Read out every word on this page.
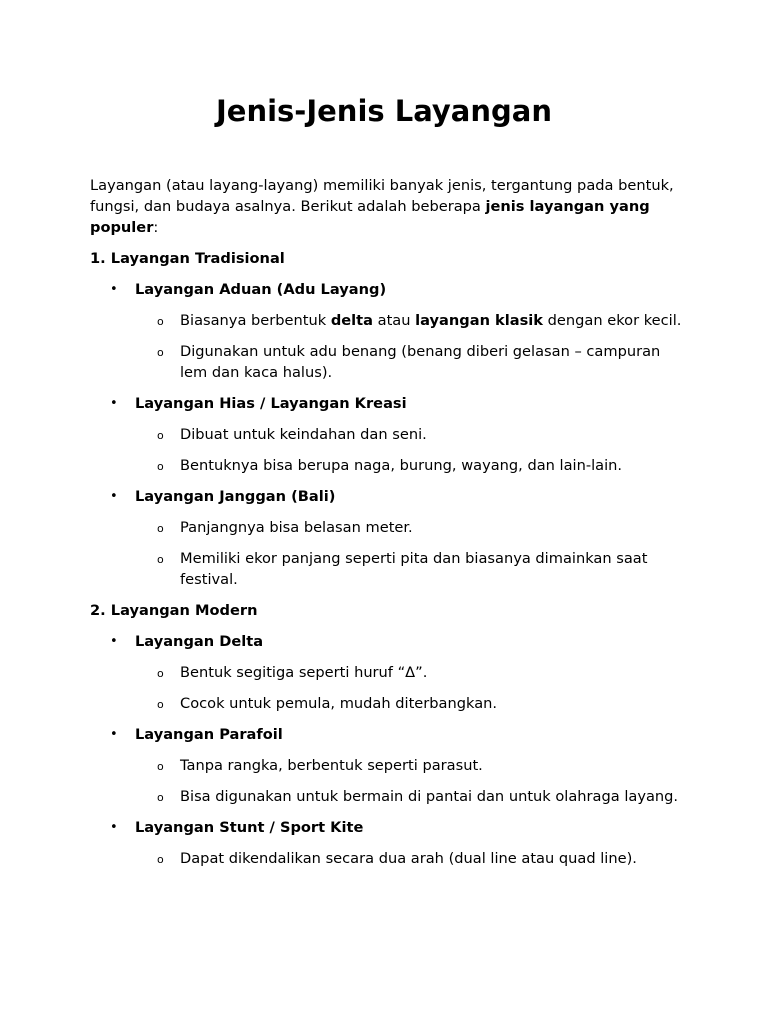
Jenis-Jenis Layangan

Layangan (atau layang-layang) memiliki banyak jenis, tergantung pada bentuk, fungsi, dan budaya asalnya. Berikut adalah beberapa jenis layangan yang populer:

1. Layangan Tradisional

• Layangan Aduan (Adu Layang)
o Biasanya berbentuk delta atau layangan klasik dengan ekor kecil.
o Digunakan untuk adu benang (benang diberi gelasan – campuran lem dan kaca halus).
• Layangan Hias / Layangan Kreasi
o Dibuat untuk keindahan dan seni.
o Bentuknya bisa berupa naga, burung, wayang, dan lain-lain.
• Layangan Janggan (Bali)
o Panjangnya bisa belasan meter.
o Memiliki ekor panjang seperti pita dan biasanya dimainkan saat festival.

2. Layangan Modern

• Layangan Delta
o Bentuk segitiga seperti huruf “Δ”.
o Cocok untuk pemula, mudah diterbangkan.
• Layangan Parafoil
o Tanpa rangka, berbentuk seperti parasut.
o Bisa digunakan untuk bermain di pantai dan untuk olahraga layang.
• Layangan Stunt / Sport Kite
o Dapat dikendalikan secara dua arah (dual line atau quad line).
